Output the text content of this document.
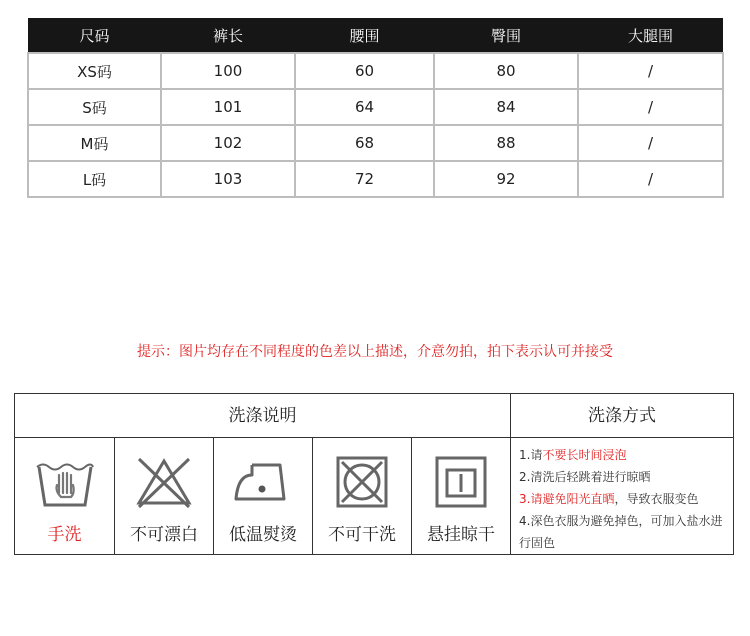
尺码	裤长	腰围	臀围	大腿围
XS码	100	60	80	/
S码	101	64	84	/
M码	102	68	88	/
L码	103	72	92	/
提示：图片均存在不同程度的色差以上描述，介意勿拍，拍下表示认可并接受
洗涤说明	洗涤方式
手洗	不可漂白	低温熨烫	不可干洗	悬挂晾干
1.请不要长时间浸泡
2.清洗后轻跳着进行晾晒
3.请避免阳光直晒，导致衣服变色
4.深色衣服为避免掉色，可加入盐水进行固色
